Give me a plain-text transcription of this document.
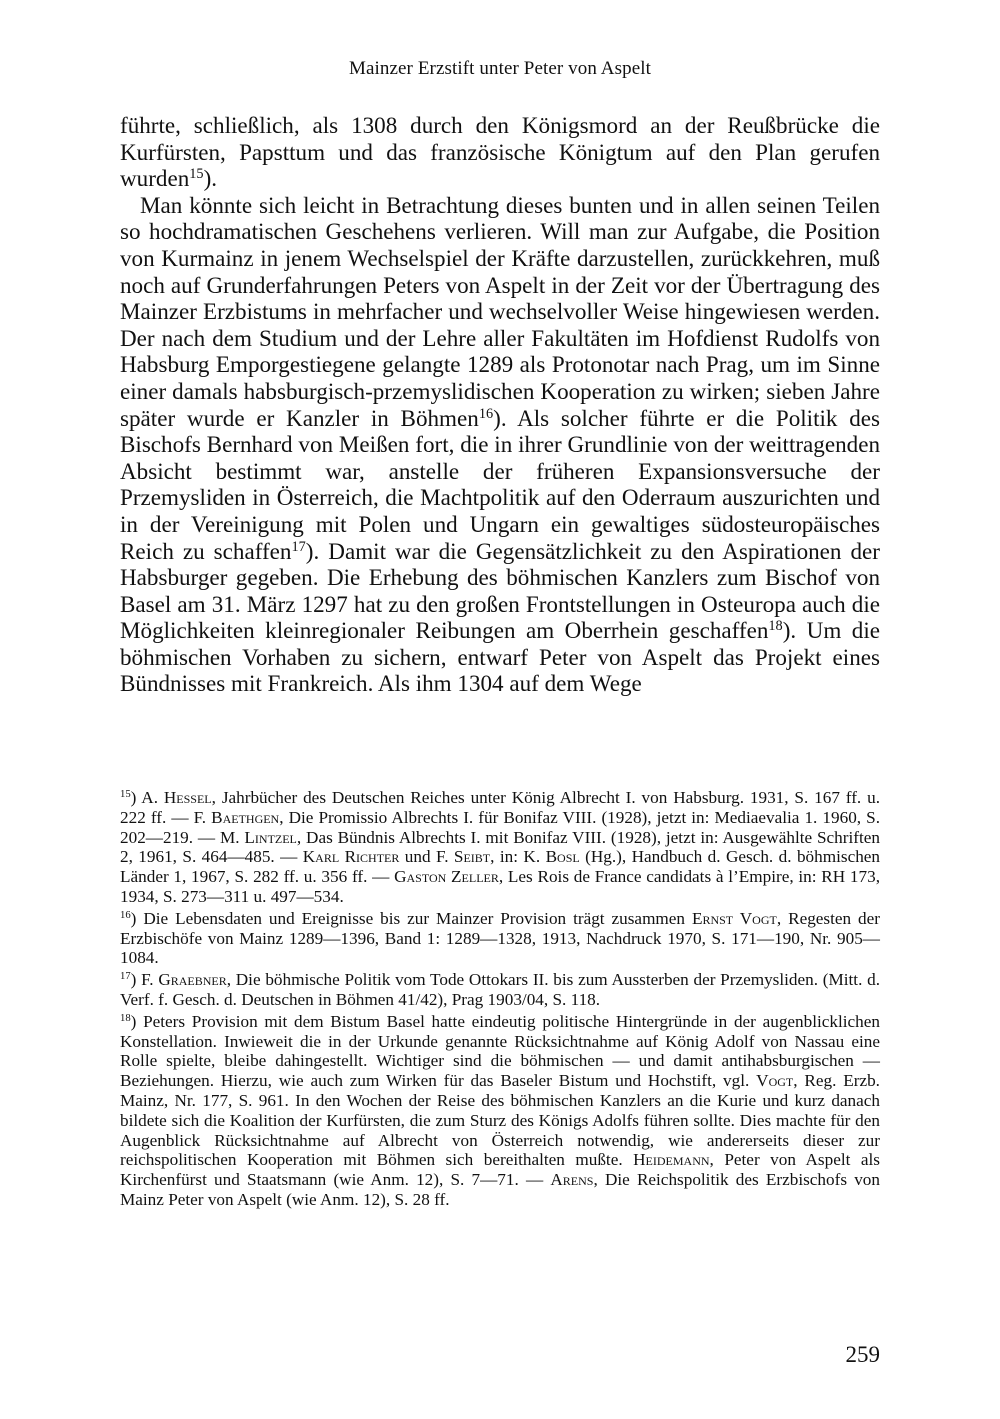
Mainzer Erzstift unter Peter von Aspelt

führte, schließlich, als 1308 durch den Königsmord an der Reußbrücke die Kurfürsten, Papsttum und das französische Königtum auf den Plan gerufen wurden$^{15}$).

Man könnte sich leicht in Betrachtung dieses bunten und in allen seinen Teilen so hochdramatischen Geschehens verlieren. Will man zur Aufgabe, die Position von Kurmainz in jenem Wechselspiel der Kräfte darzustellen, zurückkehren, muß noch auf Grunderfahrungen Peters von Aspelt in der Zeit vor der Übertragung des Mainzer Erzbistums in mehrfacher und wechselvoller Weise hingewiesen werden. Der nach dem Studium und der Lehre aller Fakultäten im Hofdienst Rudolfs von Habsburg Emporgestiegene gelangte 1289 als Protonotar nach Prag, um im Sinne einer damals habsburgisch-przemyslidischen Kooperation zu wirken; sieben Jahre später wurde er Kanzler in Böhmen$^{16}$). Als solcher führte er die Politik des Bischofs Bernhard von Meißen fort, die in ihrer Grundlinie von der weittragenden Absicht bestimmt war, anstelle der früheren Expansionsversuche der Przemysliden in Österreich, die Machtpolitik auf den Oderraum auszurichten und in der Vereinigung mit Polen und Ungarn ein gewaltiges südosteuropäisches Reich zu schaffen$^{17}$). Damit war die Gegensätzlichkeit zu den Aspirationen der Habsburger gegeben. Die Erhebung des böhmischen Kanzlers zum Bischof von Basel am 31. März 1297 hat zu den großen Frontstellungen in Osteuropa auch die Möglichkeiten kleinregionaler Reibungen am Oberrhein geschaffen$^{18}$). Um die böhmischen Vorhaben zu sichern, entwarf Peter von Aspelt das Projekt eines Bündnisses mit Frankreich. Als ihm 1304 auf dem Wege

$^{15}$) A. Hessel, Jahrbücher des Deutschen Reiches unter König Albrecht I. von Habsburg. 1931, S. 167 ff. u. 222 ff. — F. Baethgen, Die Promissio Albrechts I. für Bonifaz VIII. (1928), jetzt in: Mediaevalia 1. 1960, S. 202—219. — M. Lintzel, Das Bündnis Albrechts I. mit Bonifaz VIII. (1928), jetzt in: Ausgewählte Schriften 2, 1961, S. 464—485. — Karl Richter und F. Seibt, in: K. Bosl (Hg.), Handbuch d. Gesch. d. böhmischen Länder 1, 1967, S. 282 ff. u. 356 ff. — Gaston Zeller, Les Rois de France candidats à l’Empire, in: RH 173, 1934, S. 273—311 u. 497—534.

$^{16}$) Die Lebensdaten und Ereignisse bis zur Mainzer Provision trägt zusammen Ernst Vogt, Regesten der Erzbischöfe von Mainz 1289—1396, Band 1: 1289—1328, 1913, Nachdruck 1970, S. 171—190, Nr. 905—1084.

$^{17}$) F. Graebner, Die böhmische Politik vom Tode Ottokars II. bis zum Aussterben der Przemysliden. (Mitt. d. Verf. f. Gesch. d. Deutschen in Böhmen 41/42), Prag 1903/04, S. 118.

$^{18}$) Peters Provision mit dem Bistum Basel hatte eindeutig politische Hintergründe in der augenblicklichen Konstellation. Inwieweit die in der Urkunde genannte Rücksichtnahme auf König Adolf von Nassau eine Rolle spielte, bleibe dahingestellt. Wichtiger sind die böhmischen — und damit antihabsburgischen — Beziehungen. Hierzu, wie auch zum Wirken für das Baseler Bistum und Hochstift, vgl. Vogt, Reg. Erzb. Mainz, Nr. 177, S. 961. In den Wochen der Reise des böhmischen Kanzlers an die Kurie und kurz danach bildete sich die Koalition der Kurfürsten, die zum Sturz des Königs Adolfs führen sollte. Dies machte für den Augenblick Rücksichtnahme auf Albrecht von Österreich notwendig, wie andererseits dieser zur reichspolitischen Kooperation mit Böhmen sich bereithalten mußte. Heidemann, Peter von Aspelt als Kirchenfürst und Staatsmann (wie Anm. 12), S. 7—71. — Arens, Die Reichspolitik des Erzbischofs von Mainz Peter von Aspelt (wie Anm. 12), S. 28 ff.

259
